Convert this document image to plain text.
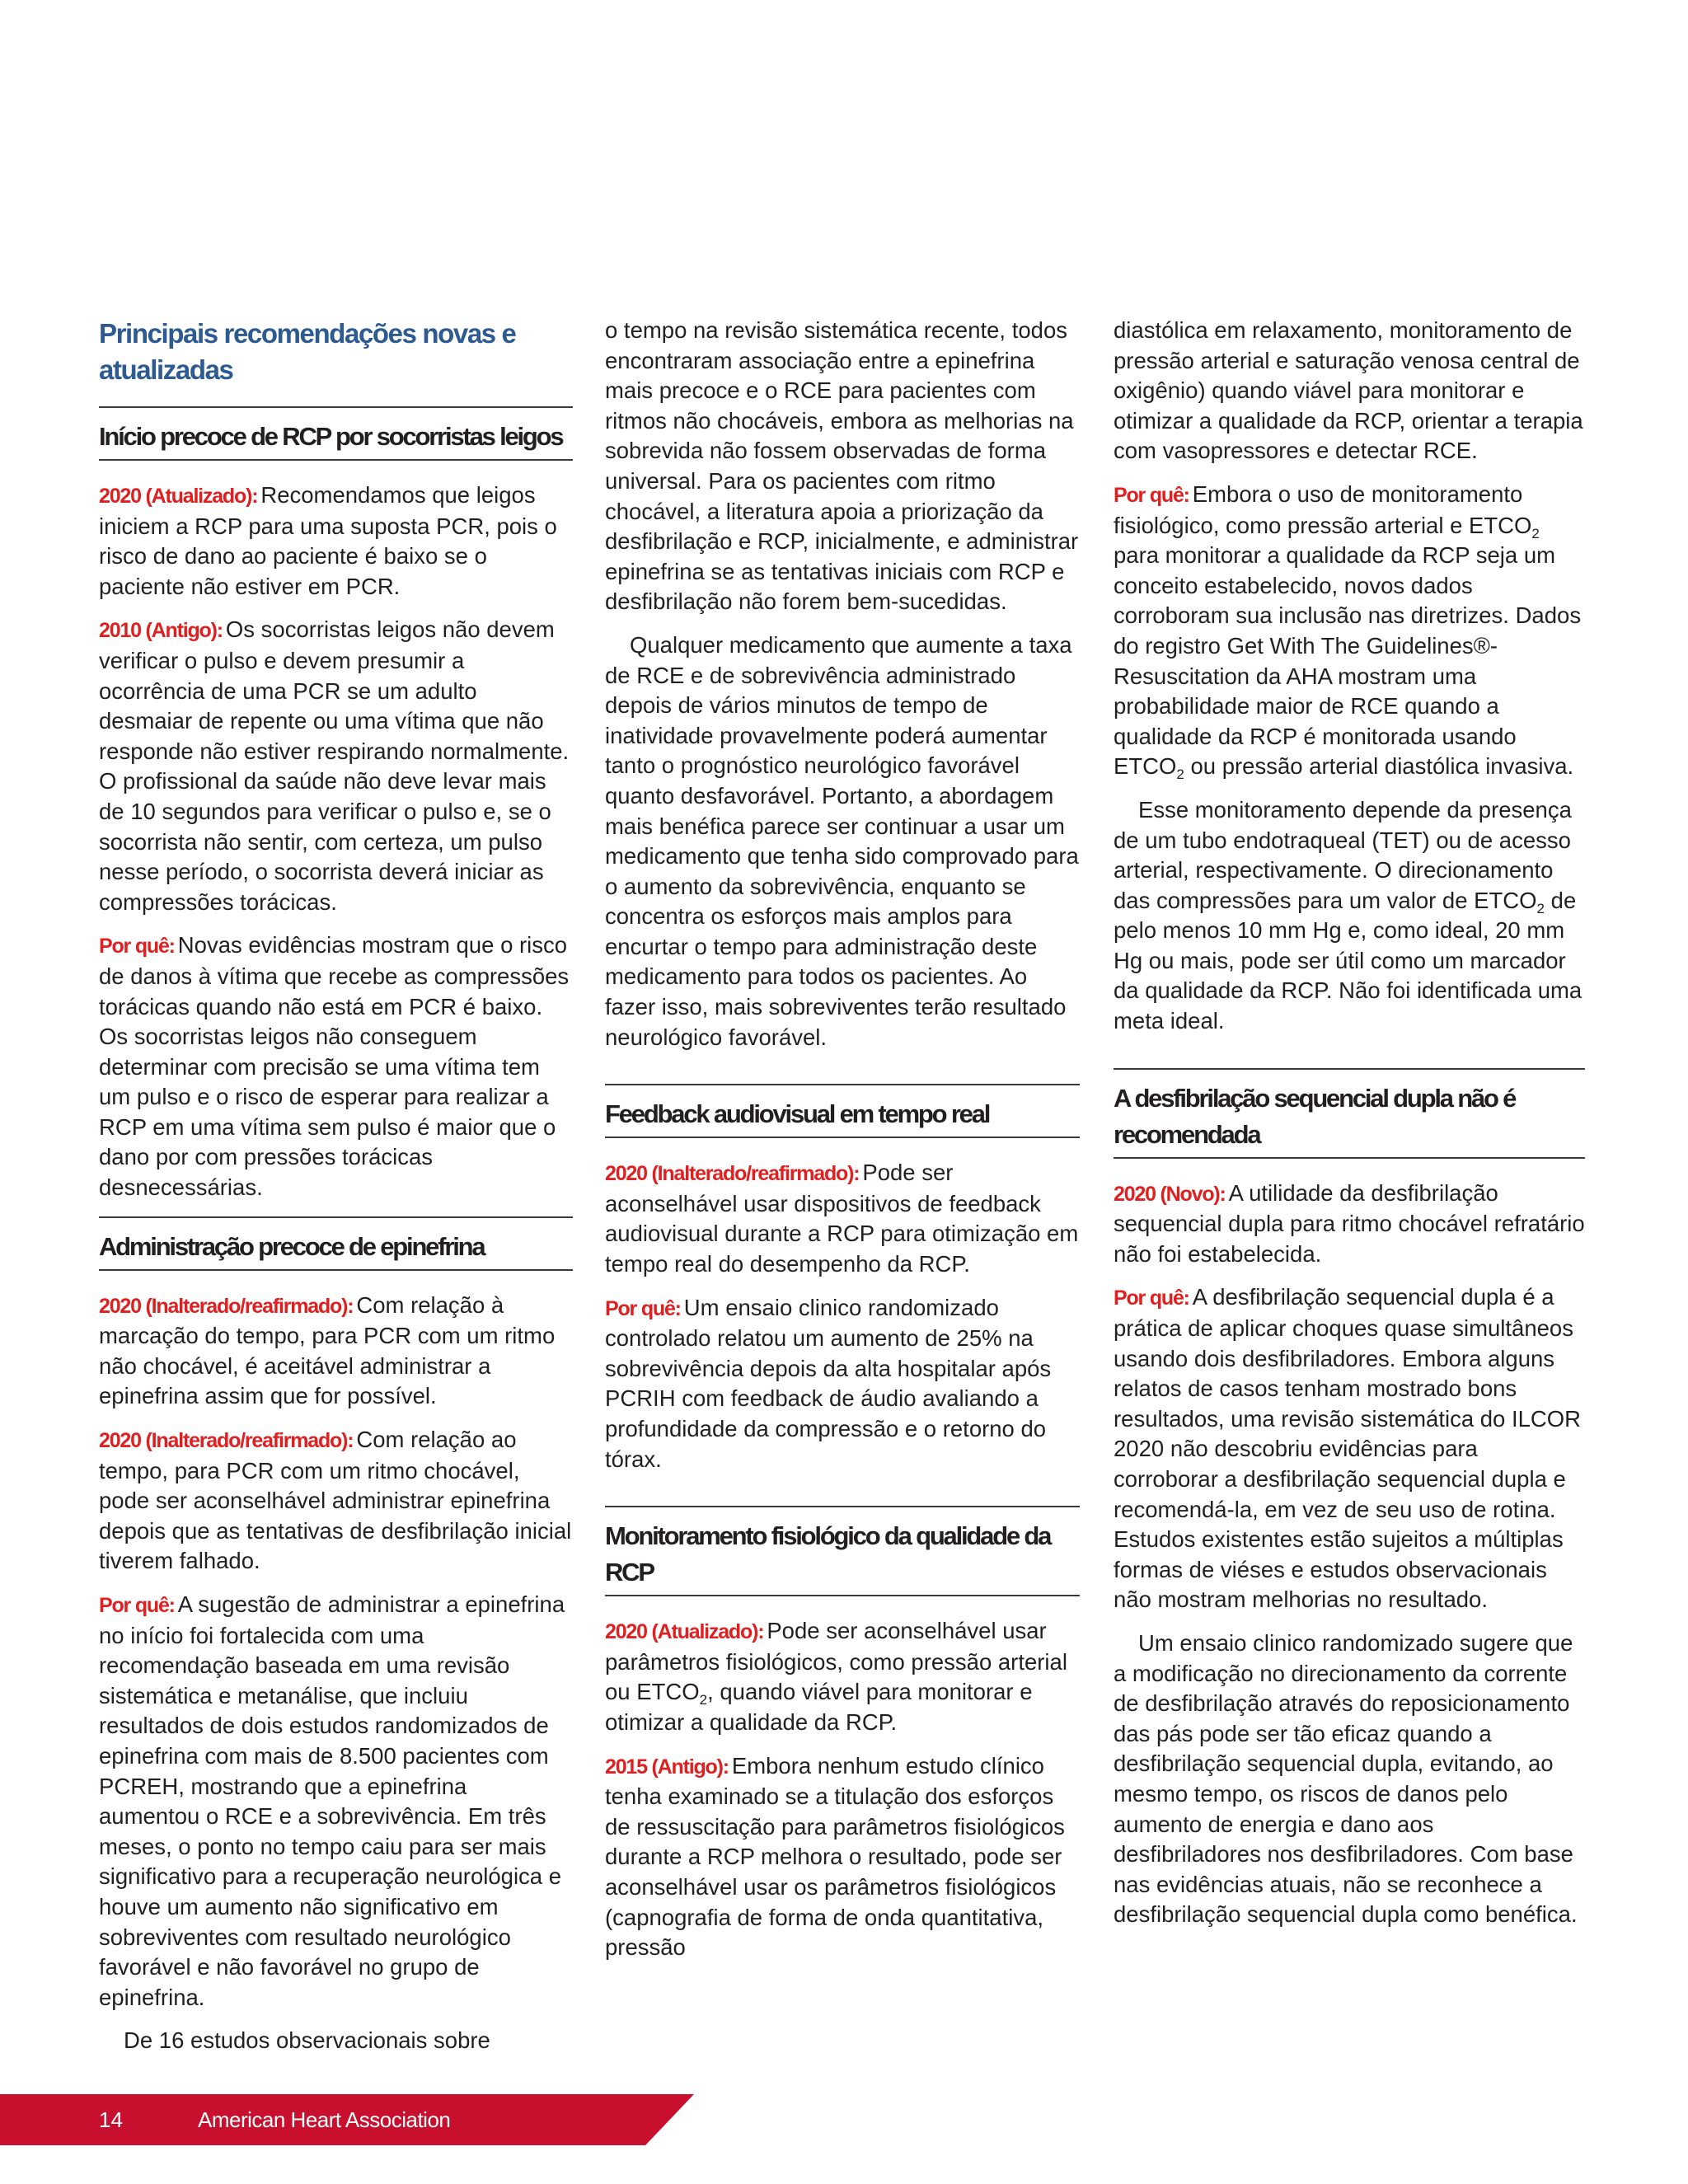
Principais recomendações novas e atualizadas
Início precoce de RCP por socorristas leigos

2020 (Atualizado): Recomendamos que leigos iniciem a RCP para uma suposta PCR, pois o risco de dano ao paciente é baixo se o paciente não estiver em PCR.

2010 (Antigo): Os socorristas leigos não devem verificar o pulso e devem presumir a ocorrência de uma PCR se um adulto desmaiar de repente ou uma vítima que não responde não estiver respirando normalmente. O profissional da saúde não deve levar mais de 10 segundos para verificar o pulso e, se o socorrista não sentir, com certeza, um pulso nesse período, o socorrista deverá iniciar as compressões torácicas.

Por quê: Novas evidências mostram que o risco de danos à vítima que recebe as compressões torácicas quando não está em PCR é baixo. Os socorristas leigos não conseguem determinar com precisão se uma vítima tem um pulso e o risco de esperar para realizar a RCP em uma vítima sem pulso é maior que o dano por com pressões torácicas desnecessárias.

Administração precoce de epinefrina

2020 (Inalterado/reafirmado): Com relação à marcação do tempo, para PCR com um ritmo não chocável, é aceitável administrar a epinefrina assim que for possível.

2020 (Inalterado/reafirmado): Com relação ao tempo, para PCR com um ritmo chocável, pode ser aconselhável administrar epinefrina depois que as tentativas de desfibrilação inicial tiverem falhado.

Por quê: A sugestão de administrar a epinefrina no início foi fortalecida com uma recomendação baseada em uma revisão sistemática e metanálise, que incluiu resultados de dois estudos randomizados de epinefrina com mais de 8.500 pacientes com PCREH, mostrando que a epinefrina aumentou o RCE e a sobrevivência. Em três meses, o ponto no tempo caiu para ser mais significativo para a recuperação neurológica e houve um aumento não significativo em sobreviventes com resultado neurológico favorável e não favorável no grupo de epinefrina.

De 16 estudos observacionais sobre

o tempo na revisão sistemática recente, todos encontraram associação entre a epinefrina mais precoce e o RCE para pacientes com ritmos não chocáveis, embora as melhorias na sobrevida não fossem observadas de forma universal. Para os pacientes com ritmo chocável, a literatura apoia a priorização da desfibrilação e RCP, inicialmente, e administrar epinefrina se as tentativas iniciais com RCP e desfibrilação não forem bem-sucedidas.

Qualquer medicamento que aumente a taxa de RCE e de sobrevivência administrado depois de vários minutos de tempo de inatividade provavelmente poderá aumentar tanto o prognóstico neurológico favorável quanto desfavorável. Portanto, a abordagem mais benéfica parece ser continuar a usar um medicamento que tenha sido comprovado para o aumento da sobrevivência, enquanto se concentra os esforços mais amplos para encurtar o tempo para administração deste medicamento para todos os pacientes. Ao fazer isso, mais sobreviventes terão resultado neurológico favorável.

Feedback audiovisual em tempo real

2020 (Inalterado/reafirmado): Pode ser aconselhável usar dispositivos de feedback audiovisual durante a RCP para otimização em tempo real do desempenho da RCP.

Por quê: Um ensaio clinico randomizado controlado relatou um aumento de 25% na sobrevivência depois da alta hospitalar após PCRIH com feedback de áudio avaliando a profundidade da compressão e o retorno do tórax.

Monitoramento fisiológico da qualidade da RCP

2020 (Atualizado): Pode ser aconselhável usar parâmetros fisiológicos, como pressão arterial ou $ETCO_2$, quando viável para monitorar e otimizar a qualidade da RCP.

2015 (Antigo): Embora nenhum estudo clínico tenha examinado se a titulação dos esforços de ressuscitação para parâmetros fisiológicos durante a RCP melhora o resultado, pode ser aconselhável usar os parâmetros fisiológicos (capnografia de forma de onda quantitativa, pressão

diastólica em relaxamento, monitoramento de pressão arterial e saturação venosa central de oxigênio) quando viável para monitorar e otimizar a qualidade da RCP, orientar a terapia com vasopressores e detectar RCE.

Por quê: Embora o uso de monitoramento fisiológico, como pressão arterial e $ETCO_2$ para monitorar a qualidade da RCP seja um conceito estabelecido, novos dados corroboram sua inclusão nas diretrizes. Dados do registro Get With The Guidelines®-Resuscitation da AHA mostram uma probabilidade maior de RCE quando a qualidade da RCP é monitorada usando $ETCO_2$ ou pressão arterial diastólica invasiva.

Esse monitoramento depende da presença de um tubo endotraqueal (TET) ou de acesso arterial, respectivamente. O direcionamento das compressões para um valor de $ETCO_2$ de pelo menos 10 mm Hg e, como ideal, 20 mm Hg ou mais, pode ser útil como um marcador da qualidade da RCP. Não foi identificada uma meta ideal.

A desfibrilação sequencial dupla não é recomendada

2020 (Novo): A utilidade da desfibrilação sequencial dupla para ritmo chocável refratário não foi estabelecida.

Por quê: A desfibrilação sequencial dupla é a prática de aplicar choques quase simultâneos usando dois desfibriladores. Embora alguns relatos de casos tenham mostrado bons resultados, uma revisão sistemática do ILCOR 2020 não descobriu evidências para corroborar a desfibrilação sequencial dupla e recomendá-la, em vez de seu uso de rotina. Estudos existentes estão sujeitos a múltiplas formas de viéses e estudos observacionais não mostram melhorias no resultado.

Um ensaio clinico randomizado sugere que a modificação no direcionamento da corrente de desfibrilação através do reposicionamento das pás pode ser tão eficaz quando a desfibrilação sequencial dupla, evitando, ao mesmo tempo, os riscos de danos pelo aumento de energia e dano aos desfibriladores nos desfibriladores. Com base nas evidências atuais, não se reconhece a desfibrilação sequencial dupla como benéfica.

14	American Heart Association
